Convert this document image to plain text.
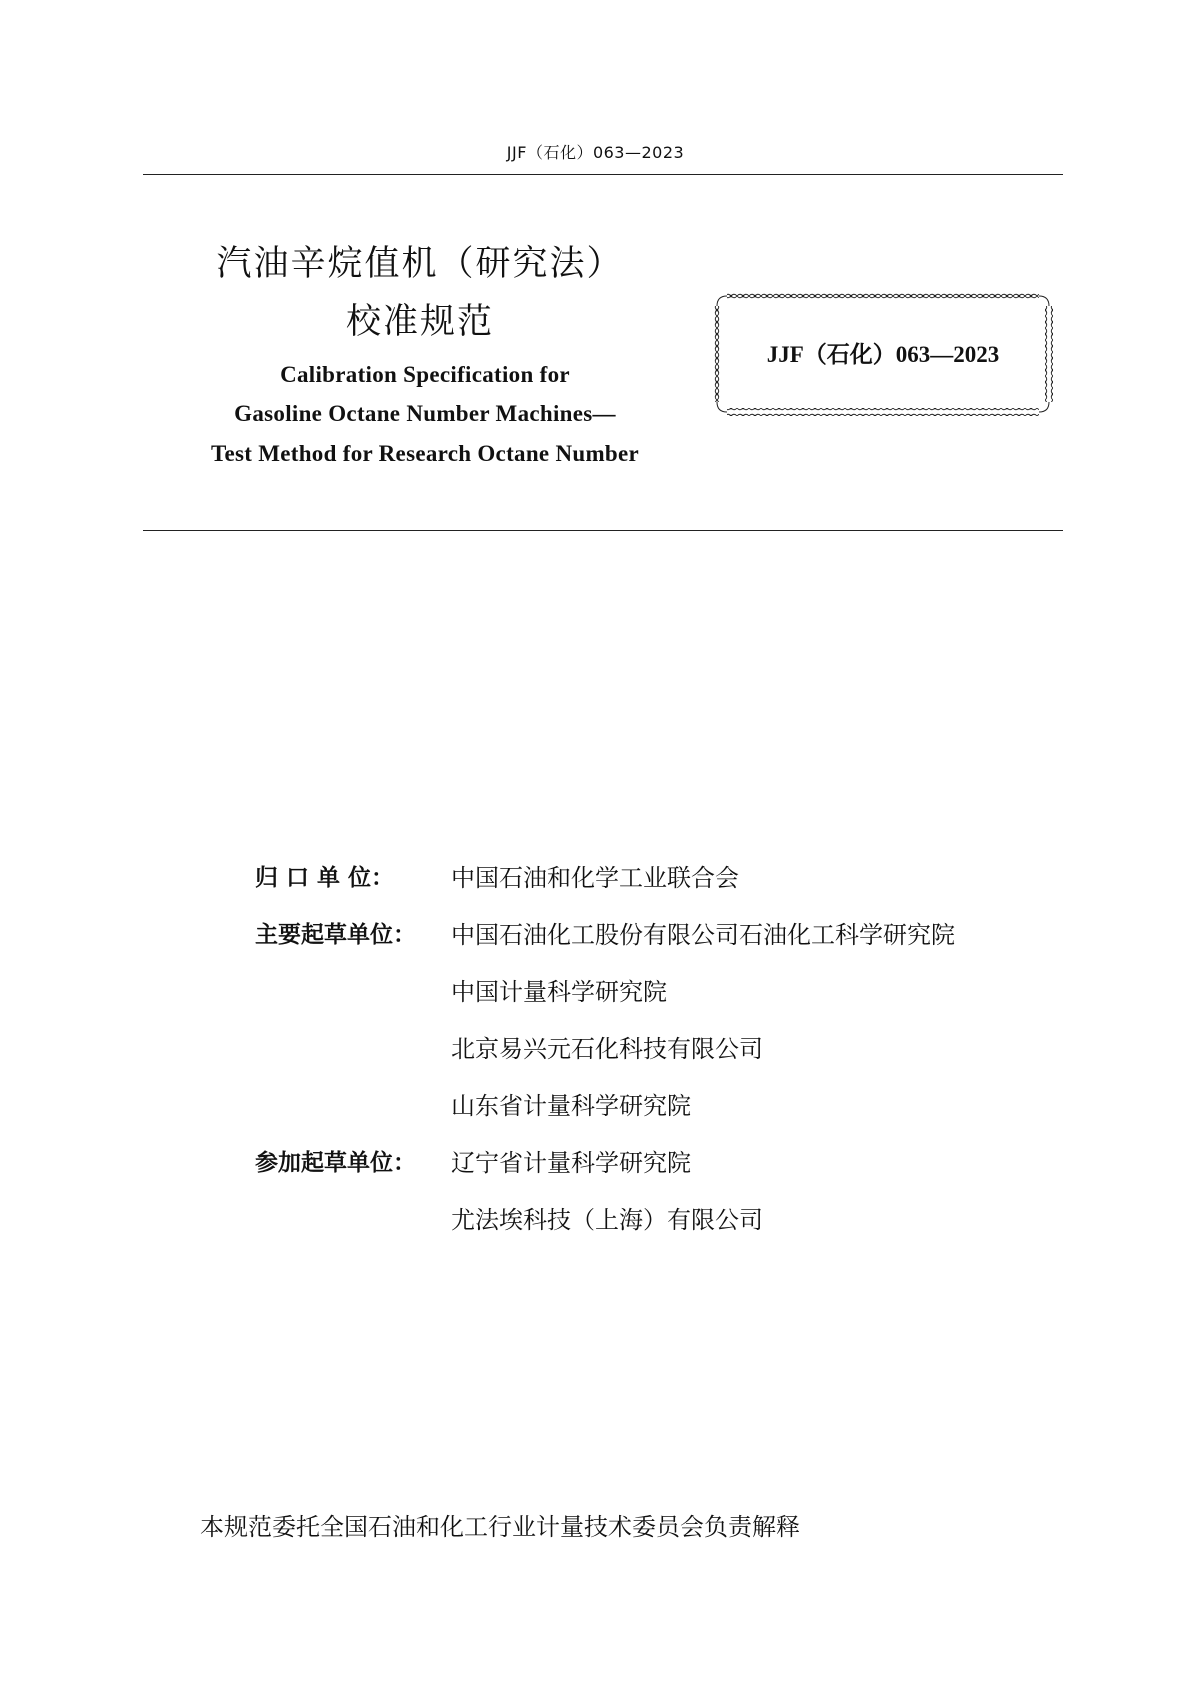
JJF（石化）063—2023
汽油辛烷值机（研究法）
校准规范
Calibration Specification for
Gasoline Octane Number Machines—
Test Method for Research Octane Number
JJF（石化）063—2023
归 口 单 位：	中国石油和化学工业联合会
主要起草单位：	中国石油化工股份有限公司石油化工科学研究院
中国计量科学研究院
北京易兴元石化科技有限公司
山东省计量科学研究院
参加起草单位：	辽宁省计量科学研究院
尤法埃科技（上海）有限公司
本规范委托全国石油和化工行业计量技术委员会负责解释
